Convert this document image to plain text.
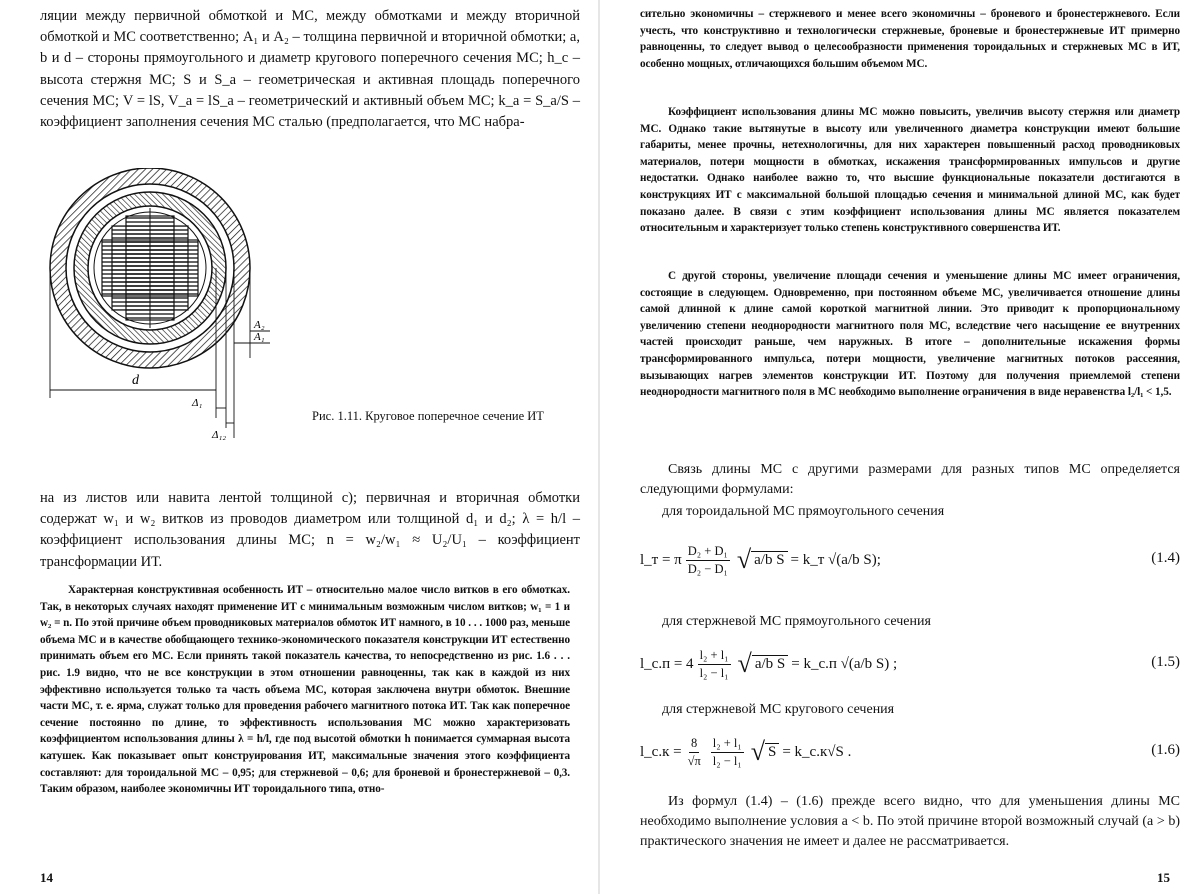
ляции между первичной обмоткой и МС, между обмотками и между вторичной обмоткой и МС соответственно; A₁ и A₂ – толщина первичной и вторичной обмотки; a, b и d – стороны прямоугольного и диаметр кругового поперечного сечения МС; h_c – высота стержня МС; S и S_a – геометрическая и активная площадь поперечного сечения МС; V = lS, V_a = lS_a – геометрический и активный объем МС; k_a = S_a/S – коэффициент заполнения сечения МС сталью (предполагается, что МС набра-

d
Δ₁
Δ₁₂
A₁
A₂
Рис. 1.11. Круговое поперечное сечение ИТ

на из листов или навита лентой толщиной c); первичная и вторичная обмотки содержат w₁ и w₂ витков из проводов диаметром или толщиной d₁ и d₂; λ = h/l – коэффициент использования длины МС; n = w₂/w₁ ≈ U₂/U₁ – коэффициент трансформации ИТ.

Характерная конструктивная особенность ИТ – относительно малое число витков в его обмотках. Так, в некоторых случаях находят применение ИТ с минимальным возможным числом витков; w₁ = 1 и w₂ = n. По этой причине объем проводниковых материалов обмоток ИТ намного, в 10 . . . 1000 раз, меньше объема МС и в качестве обобщающего технико-экономического показателя конструкции ИТ естественно принимать объем его МС. Если принять такой показатель качества, то непосредственно из рис. 1.6 . . . рис. 1.9 видно, что не все конструкции в этом отношении равноценны, так как в каждой из них эффективно используется только та часть объема МС, которая заключена внутри обмоток. Внешние части МС, т. е. ярма, служат только для проведения рабочего магнитного потока ИТ. Так как поперечное сечение постоянно по длине, то эффективность использования МС можно характеризовать коэффициентом использования длины λ = h/l, где под высотой обмотки h понимается суммарная высота катушек. Как показывает опыт конструирования ИТ, максимальные значения этого коэффициента составляют: для тороидальной МС – 0,95; для стержневой – 0,6; для броневой и бронестержневой – 0,3. Таким образом, наиболее экономичны ИТ тороидального типа, отно-

14

сительно экономичны – стержневого и менее всего экономичны – броневого и бронестержневого. Если учесть, что конструктивно и технологически стержневые, броневые и бронестержневые ИТ примерно равноценны, то следует вывод о целесообразности применения тороидальных и стержневых МС в ИТ, особенно мощных, отличающихся большим объемом МС.

Коэффициент использования длины МС можно повысить, увеличив высоту стержня или диаметр МС. Однако такие вытянутые в высоту или увеличенного диаметра конструкции имеют большие габариты, менее прочны, нетехнологичны, для них характерен повышенный расход проводниковых материалов, потери мощности в обмотках, искажения трансформированных импульсов и другие недостатки. Однако наиболее важно то, что высшие функциональные показатели достигаются в конструкциях ИТ с максимальной большой площадью сечения и минимальной длиной МС, как будет показано далее. В связи с этим коэффициент использования длины МС является показателем относительным и характеризует только степень конструктивного совершенства ИТ.

С другой стороны, увеличение площади сечения и уменьшение длины МС имеет ограничения, состоящие в следующем. Одновременно, при постоянном объеме МС, увеличивается отношение длины самой длинной к длине самой короткой магнитной линии. Это приводит к пропорциональному увеличению степени неоднородности магнитного поля МС, вследствие чего насыщение ее внутренних частей происходит раньше, чем наружных. В итоге – дополнительные искажения формы трансформированного импульса, потери мощности, увеличение магнитных потоков рассеяния, вызывающих нагрев элементов конструкции ИТ. Поэтому для получения приемлемой степени неоднородности магнитного поля в МС необходимо выполнение ограничения в виде неравенства l₂/l₁ < 1,5.

Связь длины МС с другими размерами для разных типов МС определяется следующими формулами:

для тороидальной МС прямоугольного сечения

l_т = π $\frac{\text{D₂ + D₁}}{\text{D₂ − D₁}}$ √ a/b S = k_т √(a/b S);	(1.4)

для стержневой МС прямоугольного сечения

l_с.п = $4 \frac{\text{l₂ + l₁}}{\text{l₂ − l₁}}$ √ a/b S = k_с.п √(a/b S) ;	(1.5)

для стержневой МС кругового сечения

l_с.к = $\frac{8}{√\pi} \frac{\text{l₂ + l₁}}{\text{l₂ − l₁}}$ √ S = k_с.к√S .	(1.6)

Из формул (1.4) – (1.6) прежде всего видно, что для уменьшения длины МС необходимо выполнение условия a < b. По этой причине второй возможный случай (a > b) практического значения не имеет и далее не рассматривается.

15
